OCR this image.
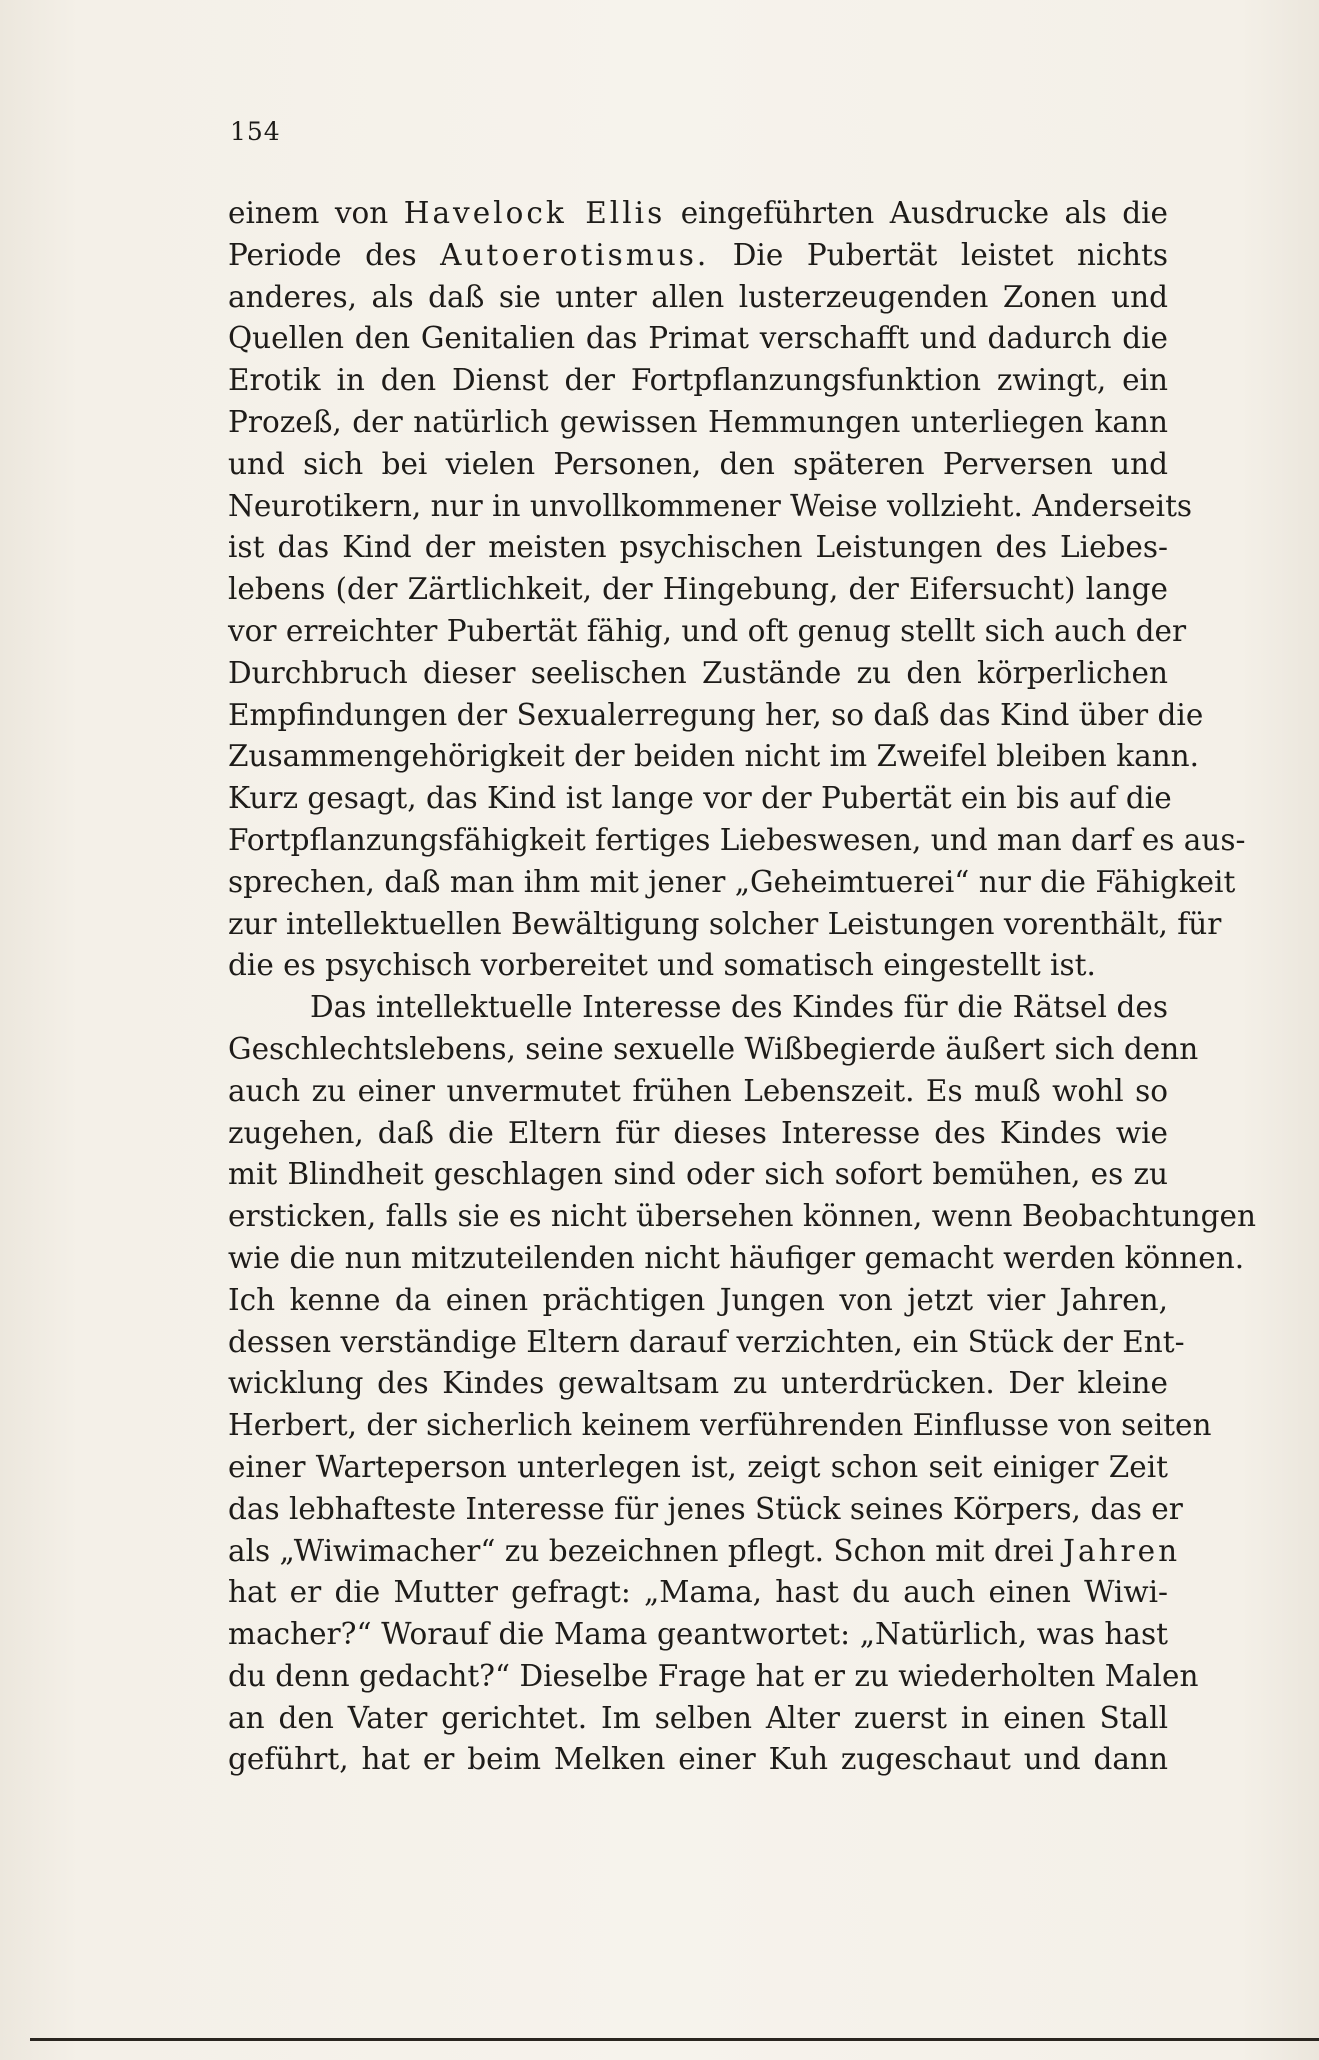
154
einem von Havelock Ellis eingeführten Ausdrucke als die
Periode des Autoerotismus. Die Pubertät leistet nichts
anderes, als daß sie unter allen lusterzeugenden Zonen und
Quellen den Genitalien das Primat verschafft und dadurch die
Erotik in den Dienst der Fortpflanzungsfunktion zwingt, ein
Prozeß, der natürlich gewissen Hemmungen unterliegen kann
und sich bei vielen Personen, den späteren Perversen und
Neurotikern, nur in unvollkommener Weise vollzieht. Anderseits
ist das Kind der meisten psychischen Leistungen des Liebes-
lebens (der Zärtlichkeit, der Hingebung, der Eifersucht) lange
vor erreichter Pubertät fähig, und oft genug stellt sich auch der
Durchbruch dieser seelischen Zustände zu den körperlichen
Empfindungen der Sexualerregung her, so daß das Kind über die
Zusammengehörigkeit der beiden nicht im Zweifel bleiben kann.
Kurz gesagt, das Kind ist lange vor der Pubertät ein bis auf die
Fortpflanzungsfähigkeit fertiges Liebeswesen, und man darf es aus-
sprechen, daß man ihm mit jener „Geheimtuerei“ nur die Fähigkeit
zur intellektuellen Bewältigung solcher Leistungen vorenthält, für
die es psychisch vorbereitet und somatisch eingestellt ist.
Das intellektuelle Interesse des Kindes für die Rätsel des
Geschlechtslebens, seine sexuelle Wißbegierde äußert sich denn
auch zu einer unvermutet frühen Lebenszeit. Es muß wohl so
zugehen, daß die Eltern für dieses Interesse des Kindes wie
mit Blindheit geschlagen sind oder sich sofort bemühen, es zu
ersticken, falls sie es nicht übersehen können, wenn Beobachtungen
wie die nun mitzuteilenden nicht häufiger gemacht werden können.
Ich kenne da einen prächtigen Jungen von jetzt vier Jahren,
dessen verständige Eltern darauf verzichten, ein Stück der Ent-
wicklung des Kindes gewaltsam zu unterdrücken. Der kleine
Herbert, der sicherlich keinem verführenden Einflusse von seiten
einer Warteperson unterlegen ist, zeigt schon seit einiger Zeit
das lebhafteste Interesse für jenes Stück seines Körpers, das er
als „Wiwimacher“ zu bezeichnen pflegt. Schon mit drei Jahren
hat er die Mutter gefragt: „Mama, hast du auch einen Wiwi-
macher?“ Worauf die Mama geantwortet: „Natürlich, was hast
du denn gedacht?“ Dieselbe Frage hat er zu wiederholten Malen
an den Vater gerichtet. Im selben Alter zuerst in einen Stall
geführt, hat er beim Melken einer Kuh zugeschaut und dann
